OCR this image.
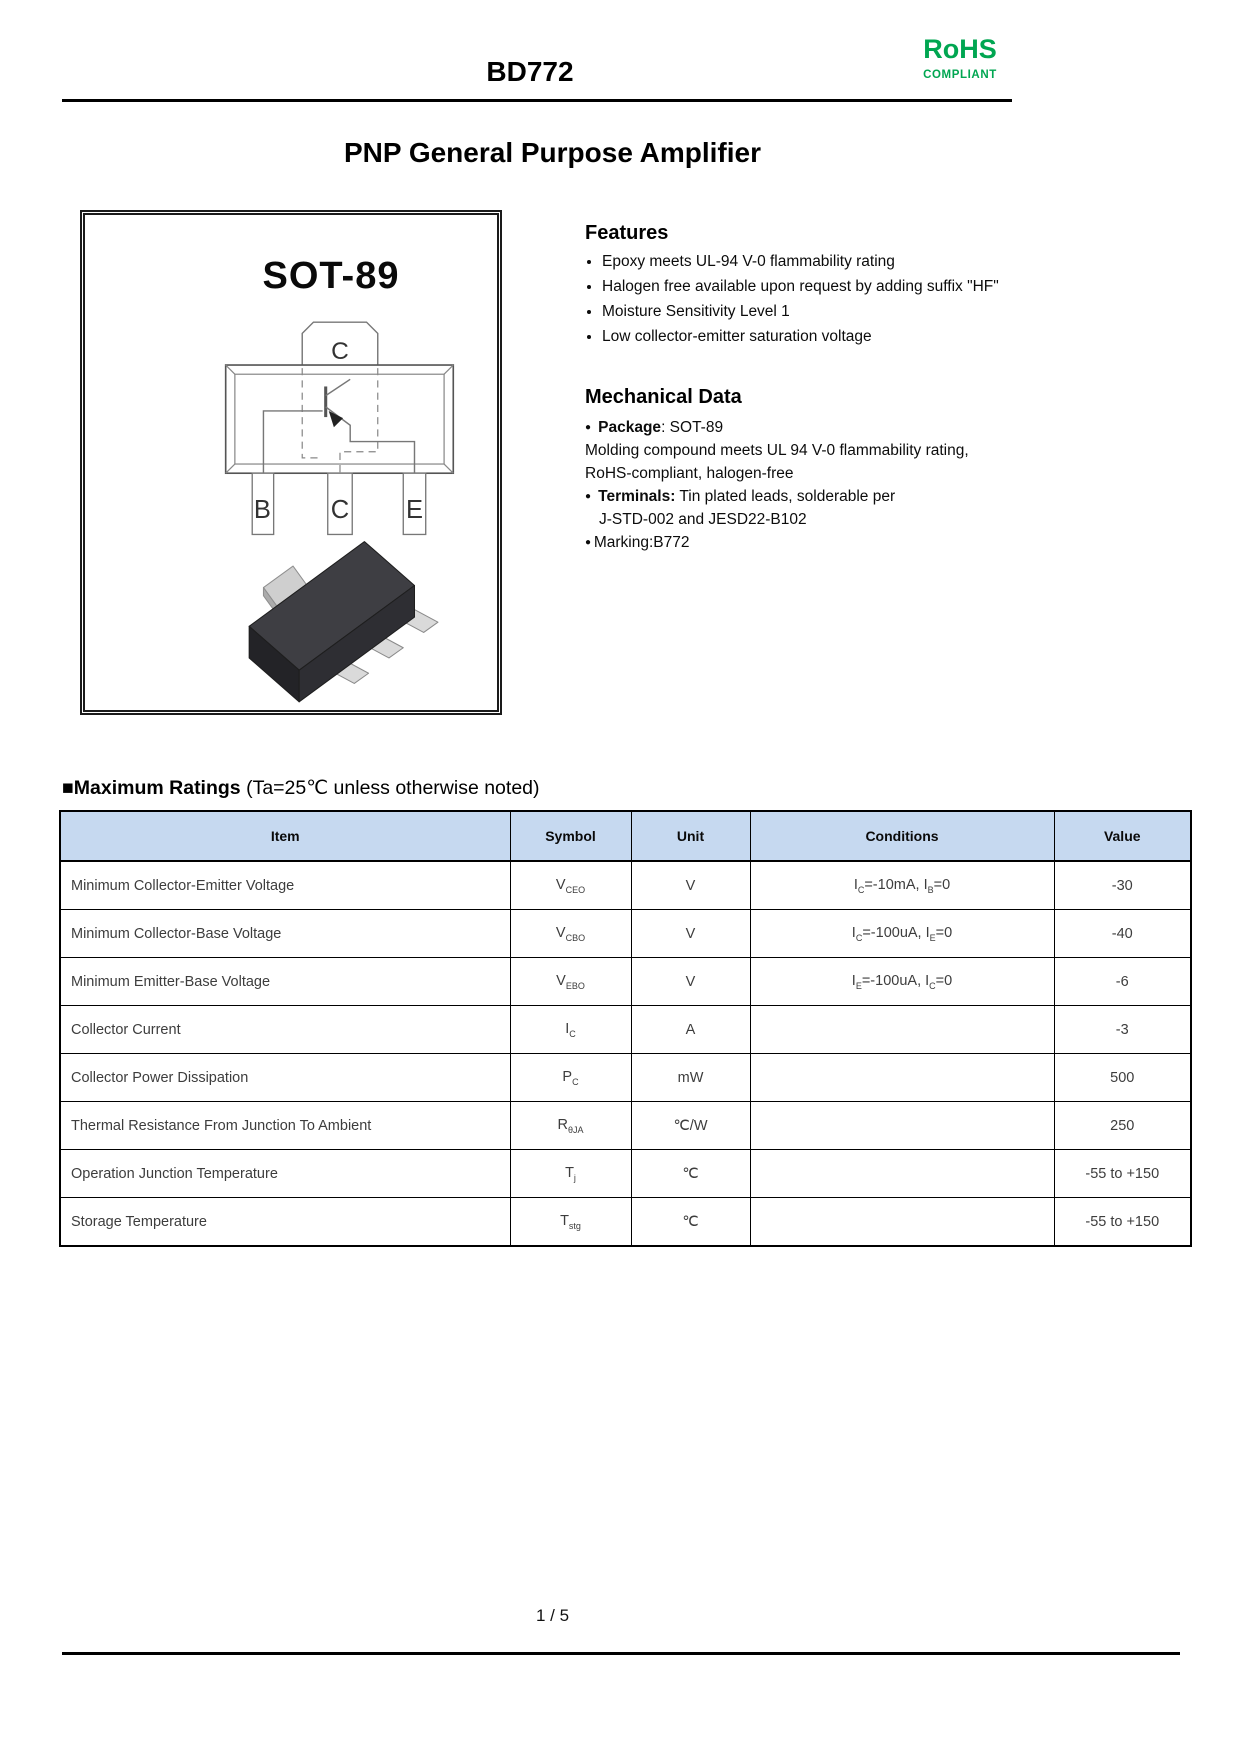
BD772
RoHS
COMPLIANT
PNP General Purpose Amplifier
C
B C E
SOT-89
Features
• Epoxy meets UL-94 V-0 flammability rating
• Halogen free available upon request by adding suffix "HF"
• Moisture Sensitivity Level 1
• Low collector-emitter saturation voltage
Mechanical Data
● Package: SOT-89
Molding compound meets UL 94 V-0 flammability rating,
RoHS-compliant, halogen-free
● Terminals: Tin plated leads, solderable per
J-STD-002 and JESD22-B102
● Marking:B772
■Maximum Ratings (Ta=25℃ unless otherwise noted)
Item	Symbol	Unit	Conditions	Value
Minimum Collector-Emitter Voltage	$V_{CEO}$	V	$I_C=-10mA$, $I_B=0$	-30
Minimum Collector-Base Voltage	$V_{CBO}$	V	$I_C=-100uA$, $I_E=0$	-40
Minimum Emitter-Base Voltage	$V_{EBO}$	V	$I_E=-100uA$, $I_C=0$	-6
Collector Current	$I_C$	A		-3
Collector Power Dissipation	$P_C$	mW		500
Thermal Resistance From Junction To Ambient	$R_{\theta JA}$	℃/W		250
Operation Junction Temperature	$T_j$	℃		-55 to +150
Storage Temperature	$T_{stg}$	℃		-55 to +150
1 / 5
